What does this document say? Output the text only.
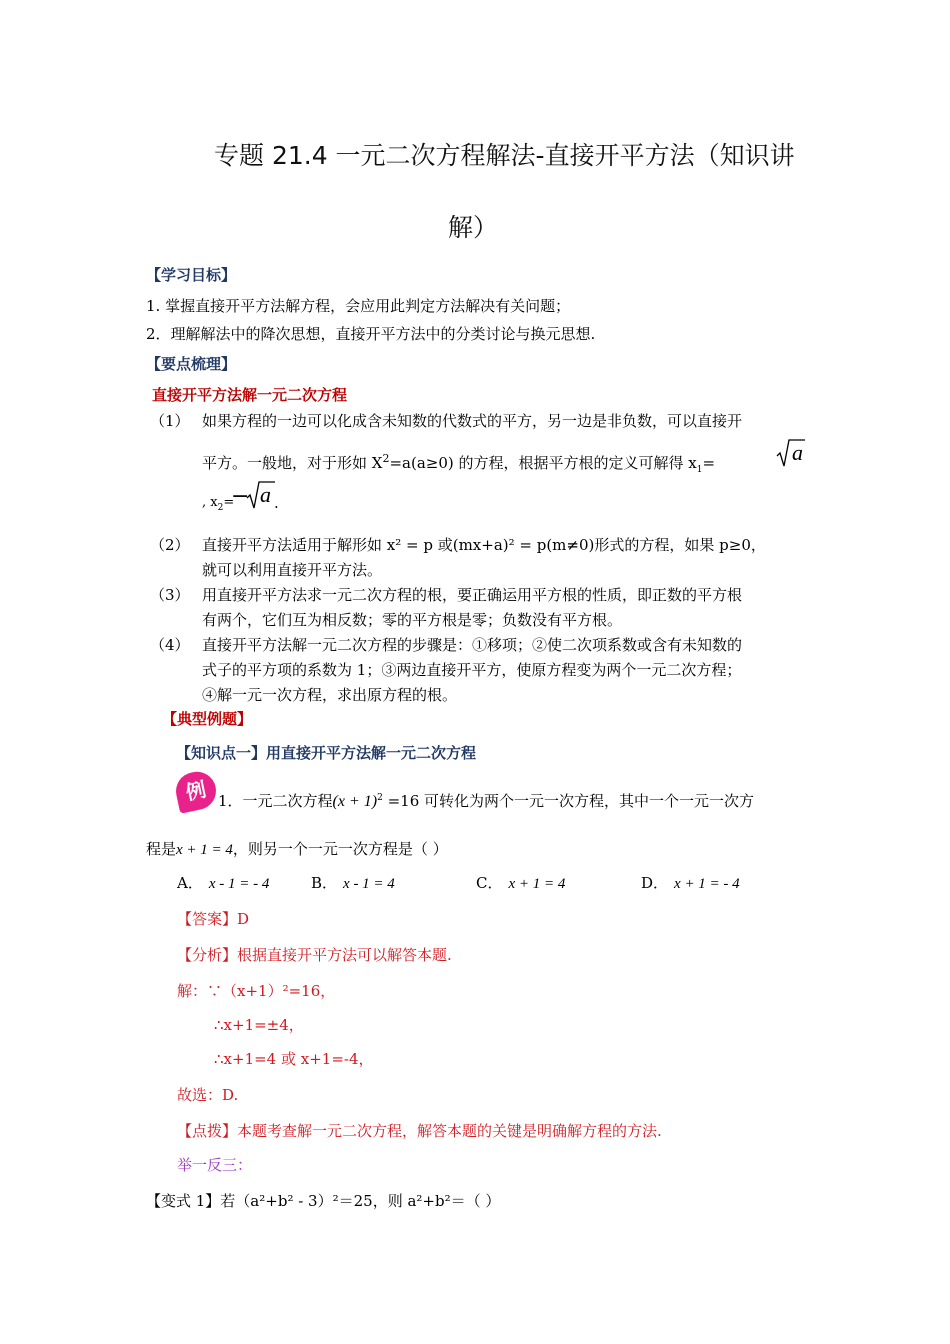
专题 21.4 一元二次方程解法-直接开平方法（知识讲
解）
【学习目标】
1. 掌握直接开平方法解方程，会应用此判定方法解决有关问题；
2．理解解法中的降次思想，直接开平方法中的分类讨论与换元思想.
【要点梳理】
直接开平方法解一元二次方程
（1） 如果方程的一边可以化成含未知数的代数式的平方，另一边是非负数，可以直接开
平方。一般地，对于形如 $X^2=a(a\ge 0)$ 的方程，根据平方根的定义可解得 $x_1=$	a
, $x_2=$
− a .
（2） 直接开平方法适用于解形如 x² = p 或(mx+a)² = p(m≠0)形式的方程，如果 p≥0，
就可以利用直接开平方法。
（3） 用直接开平方法求一元二次方程的根，要正确运用平方根的性质，即正数的平方根
有两个，它们互为相反数；零的平方根是零；负数没有平方根。
（4） 直接开平方法解一元二次方程的步骤是：①移项；②使二次项系数或含有未知数的
式子的平方项的系数为 1；③两边直接开平方，使原方程变为两个一元二次方程；
④解一元一次方程，求出原方程的根。
【典型例题】
【知识点一】用直接开平方法解一元二次方程
例 1．一元二次方程$(x + 1)^2 =16$ 可转化为两个一元一次方程，其中一个一元一次方
程是x + 1 = 4，则另一个一元一次方程是（ ）
A． x - 1 = - 4	B． x - 1 = 4	C． x + 1 = 4	D． x + 1 = - 4
【答案】D
【分析】根据直接开平方法可以解答本题.
解：∵（x+1）²=16，
∴x+1=±4，
∴x+1=4 或 x+1=-4，
故选：D.
【点拨】本题考查解一元二次方程，解答本题的关键是明确解方程的方法.
举一反三：
【变式 1】若（a²+b² - 3）²＝25，则 a²+b²＝（ ）
